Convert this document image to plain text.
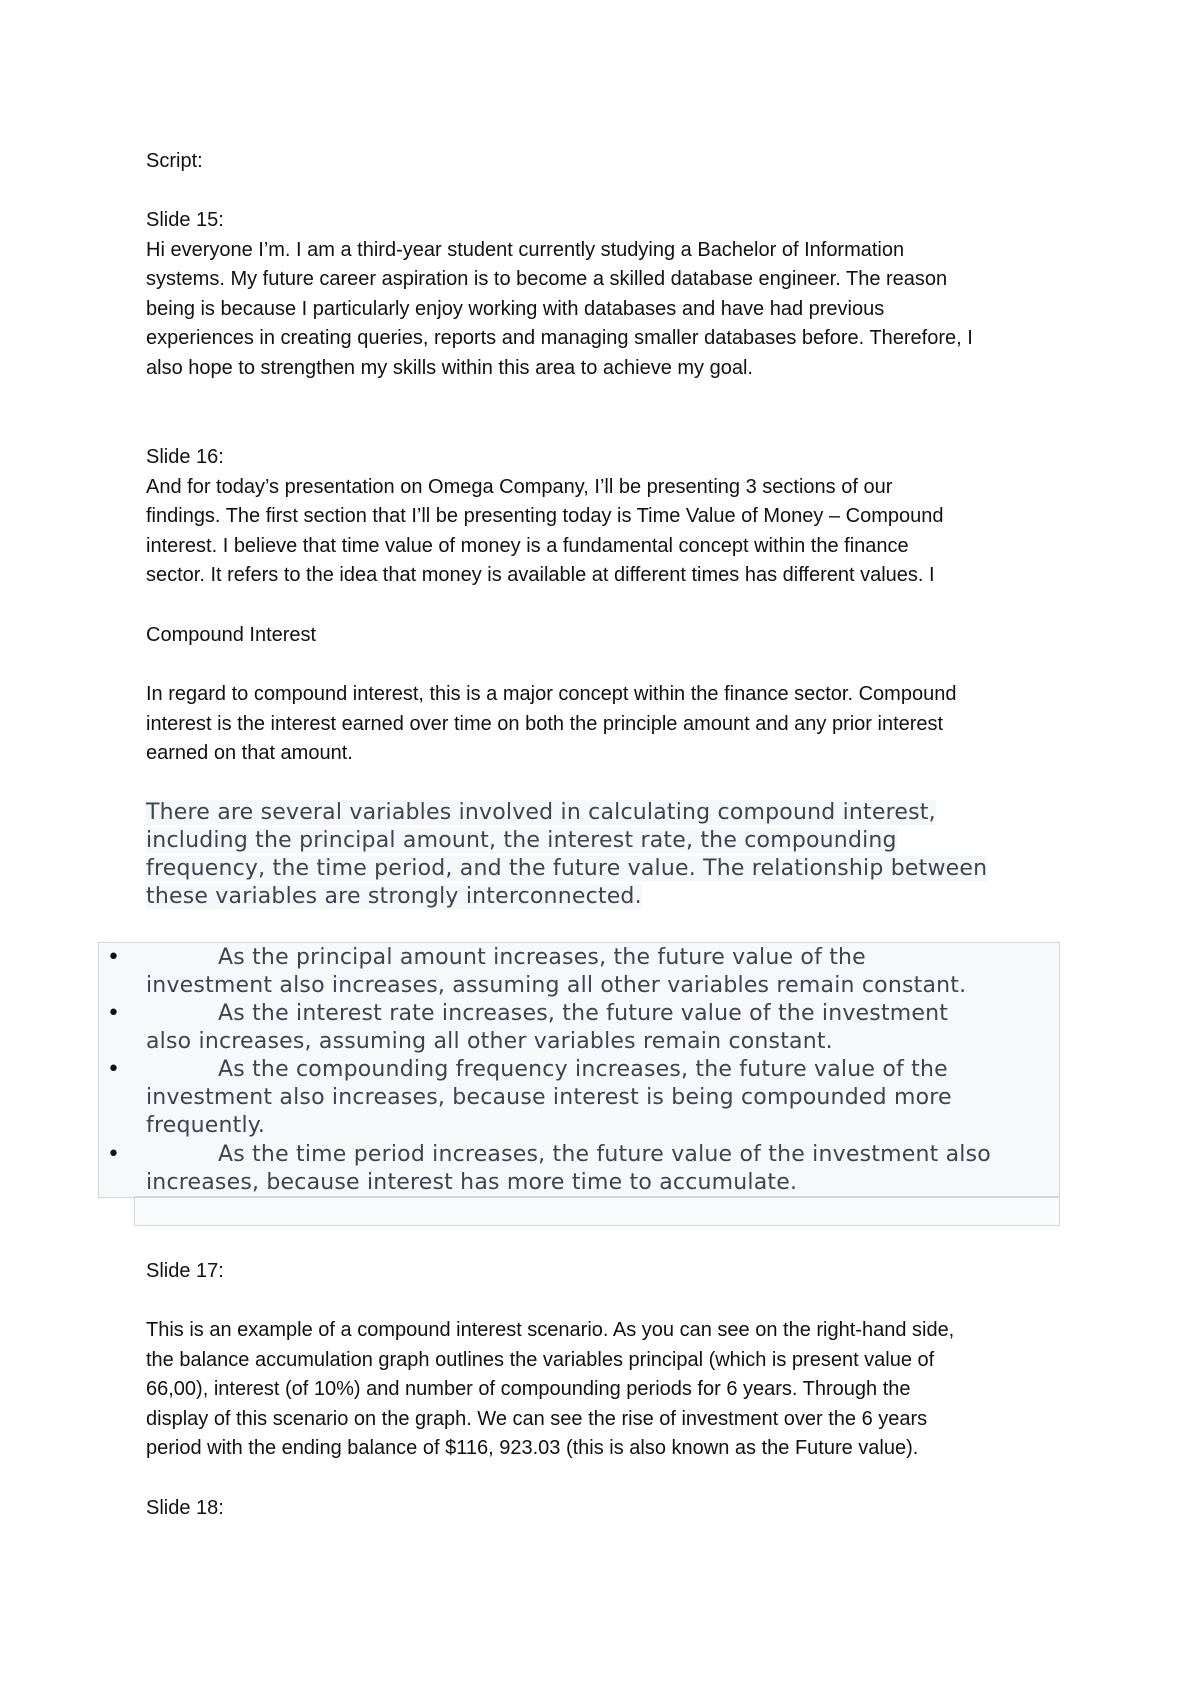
Script:
Slide 15:
Hi everyone I’m. I am a third-year student currently studying a Bachelor of Information
systems. My future career aspiration is to become a skilled database engineer. The reason
being is because I particularly enjoy working with databases and have had previous
experiences in creating queries, reports and managing smaller databases before. Therefore, I
also hope to strengthen my skills within this area to achieve my goal.
Slide 16:
And for today’s presentation on Omega Company, I’ll be presenting 3 sections of our
findings. The first section that I’ll be presenting today is Time Value of Money – Compound
interest. I believe that time value of money is a fundamental concept within the finance
sector. It refers to the idea that money is available at different times has different values. I
Compound Interest
In regard to compound interest, this is a major concept within the finance sector. Compound
interest is the interest earned over time on both the principle amount and any prior interest
earned on that amount.
There are several variables involved in calculating compound interest,
including the principal amount, the interest rate, the compounding
frequency, the time period, and the future value. The relationship between
these variables are strongly interconnected.
•	As the principal amount increases, the future value of the
investment also increases, assuming all other variables remain constant.
•	As the interest rate increases, the future value of the investment
also increases, assuming all other variables remain constant.
•	As the compounding frequency increases, the future value of the
investment also increases, because interest is being compounded more
frequently.
•	As the time period increases, the future value of the investment also
increases, because interest has more time to accumulate.
Slide 17:
This is an example of a compound interest scenario. As you can see on the right-hand side,
the balance accumulation graph outlines the variables principal (which is present value of
66,00), interest (of 10%) and number of compounding periods for 6 years. Through the
display of this scenario on the graph. We can see the rise of investment over the 6 years
period with the ending balance of $116, 923.03 (this is also known as the Future value).
Slide 18:
